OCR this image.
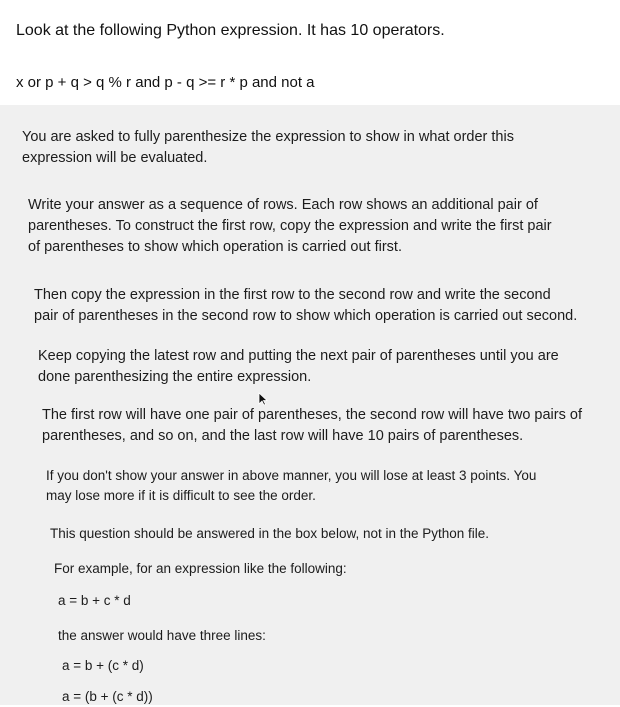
Look at the following Python expression. It has 10 operators.
x or p + q > q % r and p - q >= r * p and not a
You are asked to fully parenthesize the expression to show in what order this
expression will be evaluated.
Write your answer as a sequence of rows. Each row shows an additional pair of
parentheses. To construct the first row, copy the expression and write the first pair
of parentheses to show which operation is carried out first.
Then copy the expression in the first row to the second row and write the second
pair of parentheses in the second row to show which operation is carried out second.
Keep copying the latest row and putting the next pair of parentheses until you are
done parenthesizing the entire expression.
The first row will have one pair of parentheses, the second row will have two pairs of
parentheses, and so on, and the last row will have 10 pairs of parentheses.
If you don't show your answer in above manner, you will lose at least 3 points. You
may lose more if it is difficult to see the order.
This question should be answered in the box below, not in the Python file.
For example, for an expression like the following:
a = b + c * d
the answer would have three lines:
a = b + (c * d)
a = (b + (c * d))
